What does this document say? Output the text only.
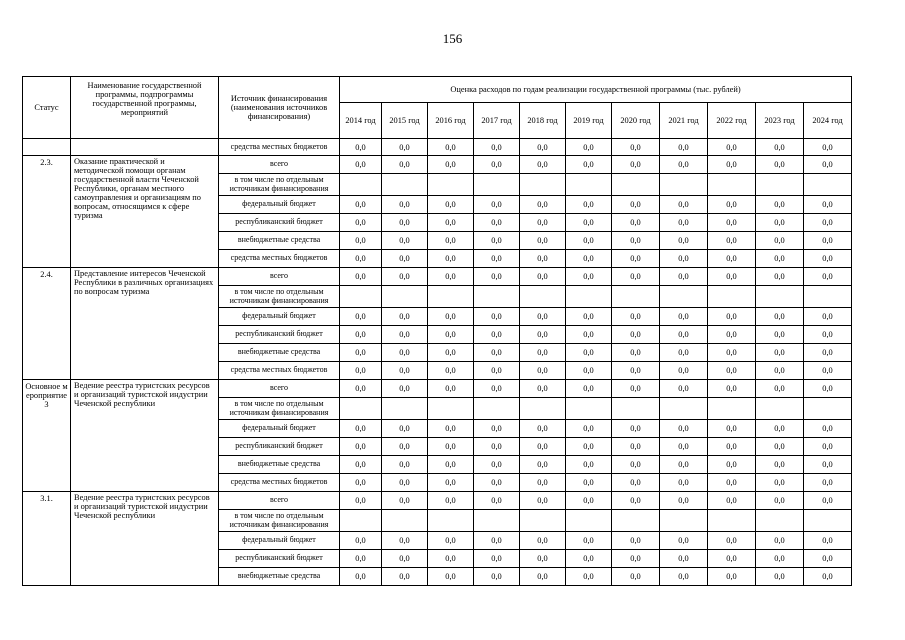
156
Статус	Наименование государственной программы, подпрограммы государственной программы, мероприятий	Источник финансирования (наименования источников финансирования)	Оценка расходов по годам реализации государственной программы (тыс. рублей)										
			2014 год	2015 год	2016 год	2017 год	2018 год	2019 год	2020 год	2021 год	2022 год	2023 год	2024 год
		средства местных бюджетов	0,0	0,0	0,0	0,0	0,0	0,0	0,0	0,0	0,0	0,0	0,0
2.3.	Оказание практической и методической помощи органам государственной власти Чеченской Республики, органам местного самоуправления и организациям по вопросам, относящимся к сфере туризма	всего	0,0	0,0	0,0	0,0	0,0	0,0	0,0	0,0	0,0	0,0	0,0
		в том числе по отдельным источникам финансирования											
		федеральный бюджет	0,0	0,0	0,0	0,0	0,0	0,0	0,0	0,0	0,0	0,0	0,0
		республиканский бюджет	0,0	0,0	0,0	0,0	0,0	0,0	0,0	0,0	0,0	0,0	0,0
		внебюджетные средства	0,0	0,0	0,0	0,0	0,0	0,0	0,0	0,0	0,0	0,0	0,0
		средства местных бюджетов	0,0	0,0	0,0	0,0	0,0	0,0	0,0	0,0	0,0	0,0	0,0
2.4.	Представление интересов Чеченской Республики в различных организациях по вопросам туризма	всего	0,0	0,0	0,0	0,0	0,0	0,0	0,0	0,0	0,0	0,0	0,0
		в том числе по отдельным источникам финансирования											
		федеральный бюджет	0,0	0,0	0,0	0,0	0,0	0,0	0,0	0,0	0,0	0,0	0,0
		республиканский бюджет	0,0	0,0	0,0	0,0	0,0	0,0	0,0	0,0	0,0	0,0	0,0
		внебюджетные средства	0,0	0,0	0,0	0,0	0,0	0,0	0,0	0,0	0,0	0,0	0,0
		средства местных бюджетов	0,0	0,0	0,0	0,0	0,0	0,0	0,0	0,0	0,0	0,0	0,0
Основное мероприятие 3	Ведение реестра туристских ресурсов и организаций туристской индустрии Чеченской республики	всего	0,0	0,0	0,0	0,0	0,0	0,0	0,0	0,0	0,0	0,0	0,0
		в том числе по отдельным источникам финансирования											
		федеральный бюджет	0,0	0,0	0,0	0,0	0,0	0,0	0,0	0,0	0,0	0,0	0,0
		республиканский бюджет	0,0	0,0	0,0	0,0	0,0	0,0	0,0	0,0	0,0	0,0	0,0
		внебюджетные средства	0,0	0,0	0,0	0,0	0,0	0,0	0,0	0,0	0,0	0,0	0,0
		средства местных бюджетов	0,0	0,0	0,0	0,0	0,0	0,0	0,0	0,0	0,0	0,0	0,0
3.1.	Ведение реестра туристских ресурсов и организаций туристской индустрии Чеченской республики	всего	0,0	0,0	0,0	0,0	0,0	0,0	0,0	0,0	0,0	0,0	0,0
		в том числе по отдельным источникам финансирования											
		федеральный бюджет	0,0	0,0	0,0	0,0	0,0	0,0	0,0	0,0	0,0	0,0	0,0
		республиканский бюджет	0,0	0,0	0,0	0,0	0,0	0,0	0,0	0,0	0,0	0,0	0,0
		внебюджетные средства	0,0	0,0	0,0	0,0	0,0	0,0	0,0	0,0	0,0	0,0	0,0
